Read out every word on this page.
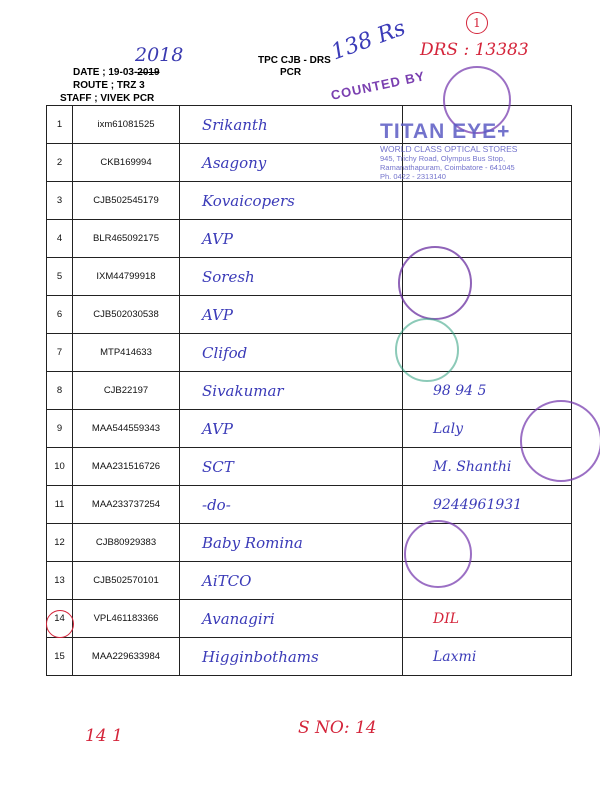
2018
DATE ; 19-03-2019
ROUTE ; TRZ 3
STAFF ; VIVEK PCR
TPC CJB - DRS
PCR
138 Rs
COUNTED BY
DRS : 13383
1
1	ixm61081525	Srikanth	
2	CKB169994	Asagony	
3	CJB502545179	Kovaicopers	
4	BLR465092175	AVP	
5	IXM44799918	Soresh	
6	CJB502030538	AVP	
7	MTP414633	Clifod	
8	CJB22197	Sivakumar	98 94 5
9	MAA544559343	AVP	Laly
10	MAA231516726	SCT	M. Shanthi
11	MAA233737254	-do-	9244961931
12	CJB80929383	Baby Romina	
13	CJB502570101	AiTCO	
14	VPL461183366	Avanagiri	DIL
15	MAA229633984	Higginbothams	Laxmi
TITAN EYE+
WORLD CLASS OPTICAL STORES
945, Trichy Road, Olympus Bus Stop,
Ramanathapuram, Coimbatore - 641045
Ph. 0422 - 2313140
14 1	S NO: 14
